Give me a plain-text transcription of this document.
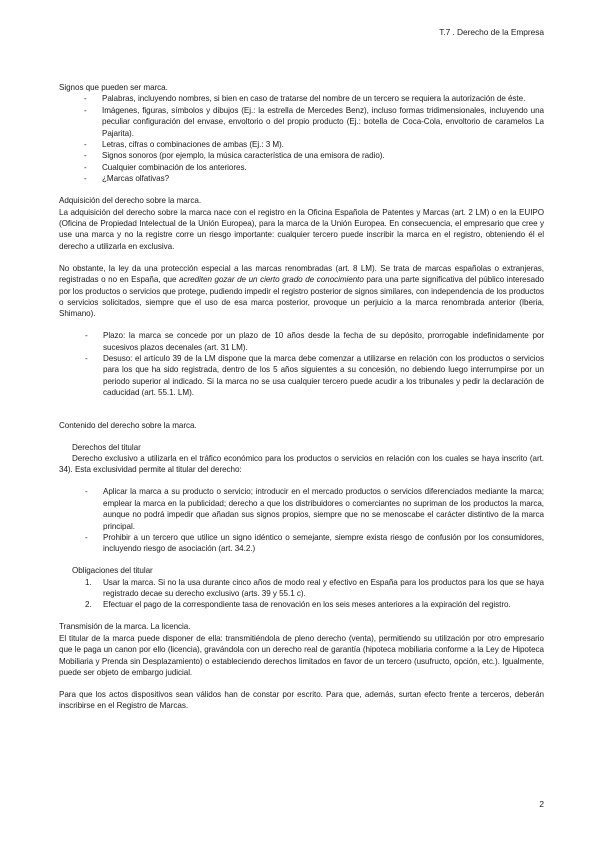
T.7 . Derecho de la Empresa

Signos que pueden ser marca.

- Palabras, incluyendo nombres, si bien en caso de tratarse del nombre de un tercero se requiera la autorización de éste.
- Imágenes, figuras, símbolos y dibujos (Ej.: la estrella de Mercedes Benz), incluso formas tridimensionales, incluyendo una peculiar configuración del envase, envoltorio o del propio producto (Ej.: botella de Coca-Cola, envoltorio de caramelos La Pajarita).
- Letras, cifras o combinaciones de ambas (Ej.: 3 M).
- Signos sonoros (por ejemplo, la música característica de una emisora de radio).
- Cualquier combinación de los anteriores.
- ¿Marcas olfativas?

Adquisición del derecho sobre la marca.

La adquisición del derecho sobre la marca nace con el registro en la Oficina Española de Patentes y Marcas (art. 2 LM) o en la EUIPO (Oficina de Propiedad Intelectual de la Unión Europea), para la marca de la Unión Europea. En consecuencia, el empresario que cree y use una marca y no la registre corre un riesgo importante: cualquier tercero puede inscribir la marca en el registro, obteniendo él el derecho a utilizarla en exclusiva.

No obstante, la ley da una protección especial a las marcas renombradas (art. 8 LM). Se trata de marcas españolas o extranjeras, registradas o no en España, que acrediten gozar de un cierto grado de conocimiento para una parte significativa del público interesado por los productos o servicios que protege, pudiendo impedir el registro posterior de signos similares, con independencia de los productos o servicios solicitados, siempre que el uso de esa marca posterior, provoque un perjuicio a la marca renombrada anterior (Iberia, Shimano).

- Plazo: la marca se concede por un plazo de 10 años desde la fecha de su depósito, prorrogable indefinidamente por sucesivos plazos decenales (art. 31 LM).
- Desuso: el artículo 39 de la LM dispone que la marca debe comenzar a utilizarse en relación con los productos o servicios para los que ha sido registrada, dentro de los 5 años siguientes a su concesión, no debiendo luego interrumpirse por un periodo superior al indicado. Si la marca no se usa cualquier tercero puede acudir a los tribunales y pedir la declaración de caducidad (art. 55.1. LM).

Contenido del derecho sobre la marca.

Derechos del titular

Derecho exclusivo a utilizarla en el tráfico económico para los productos o servicios en relación con los cuales se haya inscrito (art. 34). Esta exclusividad permite al titular del derecho:

- Aplicar la marca a su producto o servicio; introducir en el mercado productos o servicios diferenciados mediante la marca; emplear la marca en la publicidad; derecho a que los distribuidores o comerciantes no supriman de los productos la marca, aunque no podrá impedir que añadan sus signos propios, siempre que no se menoscabe el carácter distintivo de la marca principal.
- Prohibir a un tercero que utilice un signo idéntico o semejante, siempre exista riesgo de confusión por los consumidores, incluyendo riesgo de asociación (art. 34.2.)

Obligaciones del titular

1. Usar la marca. Si no la usa durante cinco años de modo real y efectivo en España para los productos para los que se haya registrado decae su derecho exclusivo (arts. 39 y 55.1 c).
2. Efectuar el pago de la correspondiente tasa de renovación en los seis meses anteriores a la expiración del registro.

Transmisión de la marca. La licencia.

El titular de la marca puede disponer de ella: transmitiéndola de pleno derecho (venta), permitiendo su utilización por otro empresario que le paga un canon por ello (licencia), gravándola con un derecho real de garantía (hipoteca mobiliaria conforme a la Ley de Hipoteca Mobiliaria y Prenda sin Desplazamiento) o estableciendo derechos limitados en favor de un tercero (usufructo, opción, etc.). Igualmente, puede ser objeto de embargo judicial.

Para que los actos dispositivos sean válidos han de constar por escrito. Para que, además, surtan efecto frente a terceros, deberán inscribirse en el Registro de Marcas.

2
